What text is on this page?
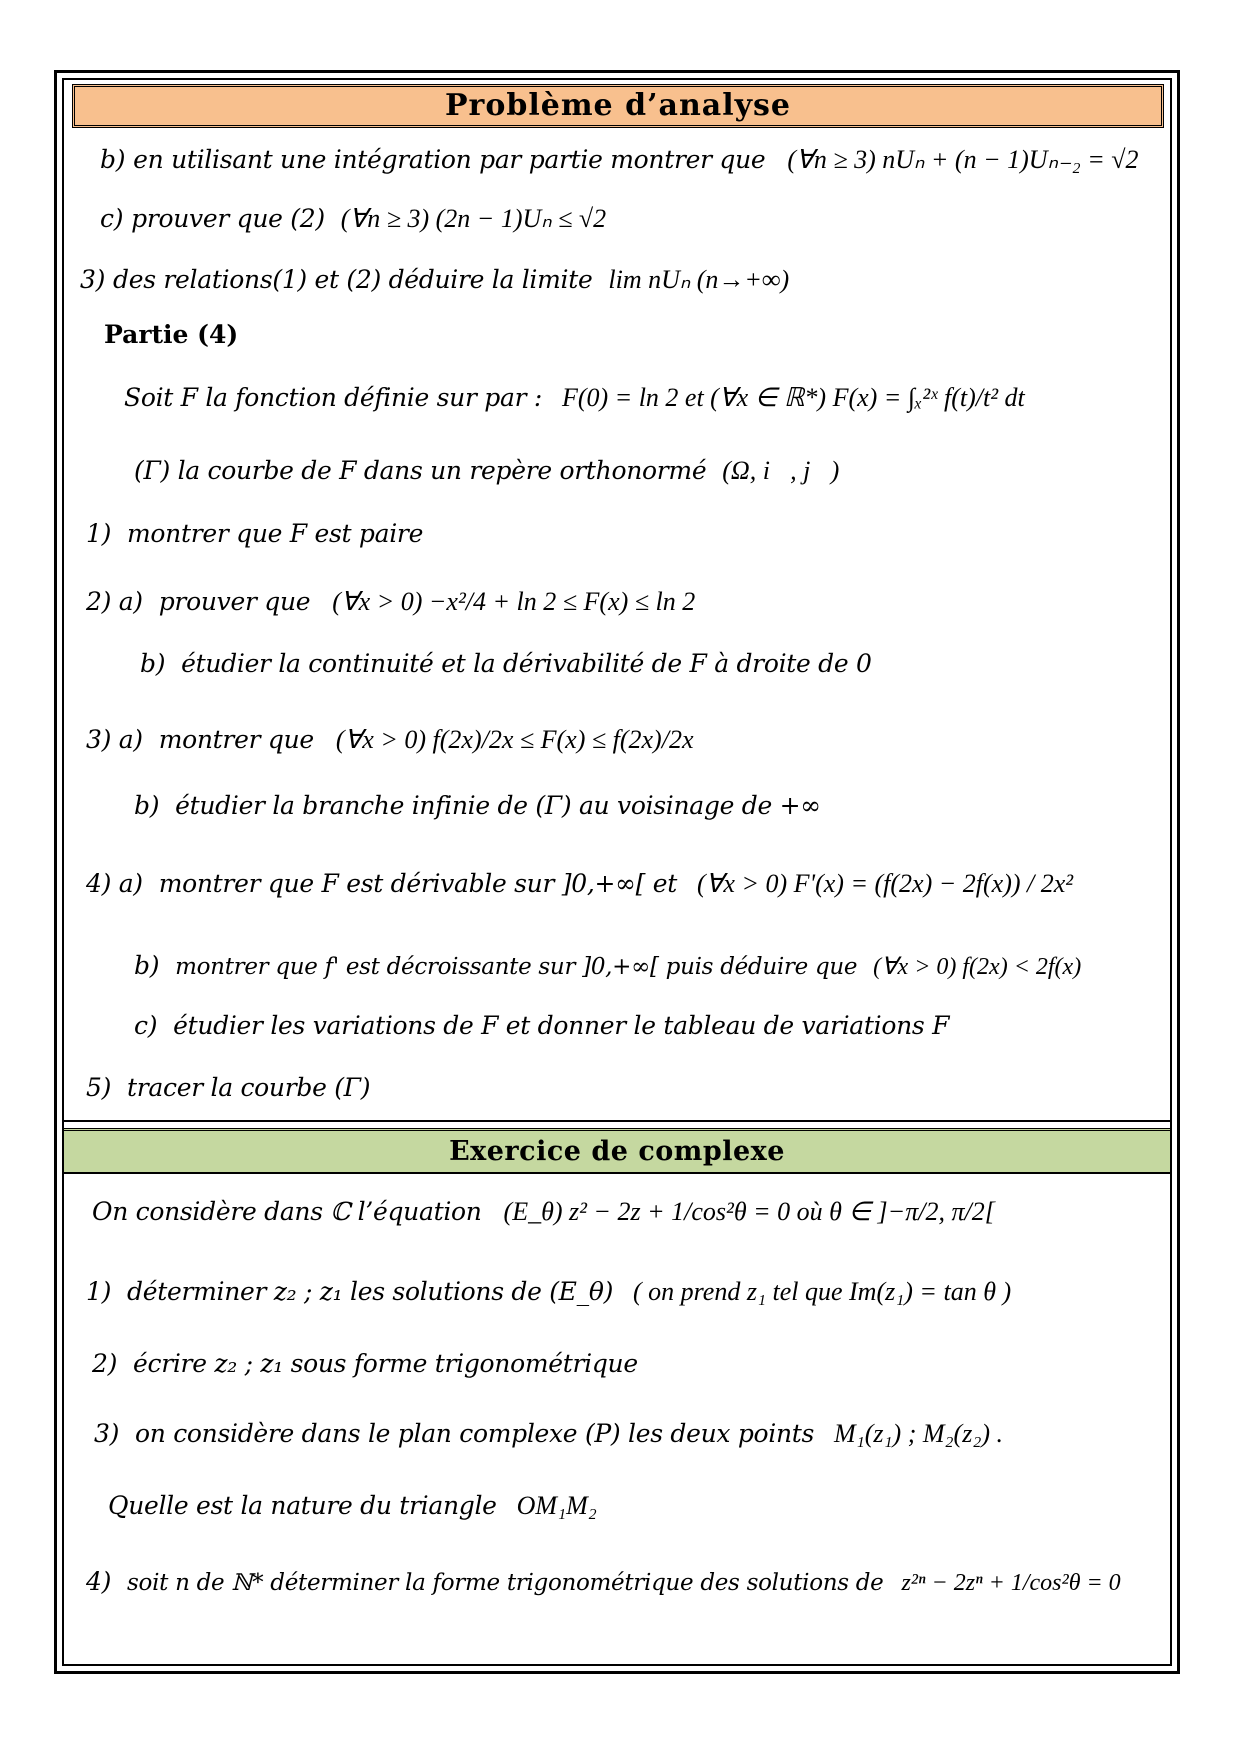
Problème d’analyse
b) en utilisant une intégration par partie montrer que (∀n ≥ 3) nUₙ + (n − 1)Uₙ₋₂ = √2
c) prouver que (2) (∀n ≥ 3) (2n − 1)Uₙ ≤ √2
3) des relations(1) et (2) déduire la limite lim nUₙ (n→+∞)
Partie (4)
Soit F la fonction définie sur par : F(0) = ln 2 et (∀x ∈ ℝ*) F(x) = ∫ₓ²ˣ f(t)/t² dt
(Γ) la courbe de F dans un repère orthonormé (Ω, i⃗, j⃗)
1) montrer que F est paire
2) a) prouver que (∀x > 0) −x²/4 + ln 2 ≤ F(x) ≤ ln 2
b) étudier la continuité et la dérivabilité de F à droite de 0
3) a) montrer que (∀x > 0) f(2x)/2x ≤ F(x) ≤ f(2x)/2x
b) étudier la branche infinie de (Γ) au voisinage de +∞
4) a) montrer que F est dérivable sur ]0,+∞[ et (∀x > 0) F'(x) = (f(2x) − 2f(x)) / 2x²
b) montrer que f' est décroissante sur ]0,+∞[ puis déduire que (∀x > 0) f(2x) < 2f(x)
c) étudier les variations de F et donner le tableau de variations F
5) tracer la courbe (Γ)
Exercice de complexe
On considère dans ℂ l’équation (E_θ) z² − 2z + 1/cos²θ = 0 où θ ∈ ]−π/2, π/2[
1) déterminer z₂ ; z₁ les solutions de (E_θ) ( on prend z₁ tel que Im(z₁) = tan θ )
2) écrire z₂ ; z₁ sous forme trigonométrique
3) on considère dans le plan complexe (P) les deux points M₁(z₁) ; M₂(z₂) .
Quelle est la nature du triangle OM₁M₂
4) soit n de ℕ* déterminer la forme trigonométrique des solutions de z²ⁿ − 2zⁿ + 1/cos²θ = 0
